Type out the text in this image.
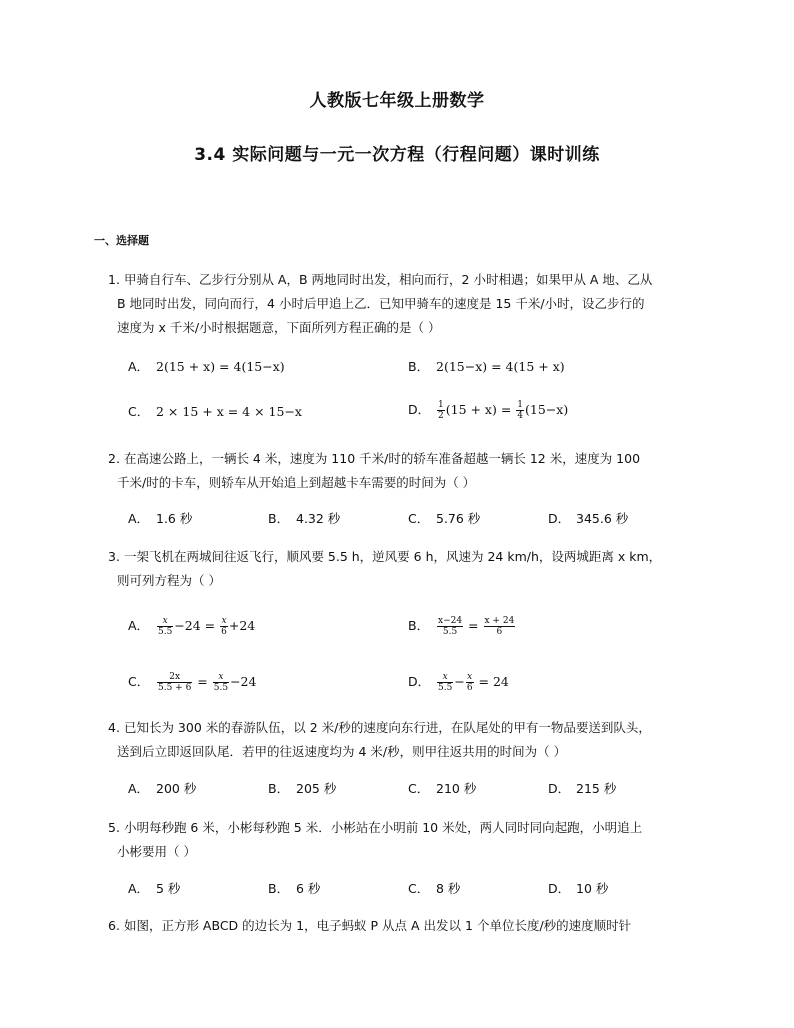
人教版七年级上册数学
3.4 实际问题与一元一次方程（行程问题）课时训练
一、选择题
1. 甲骑自行车、乙步行分别从 A，B 两地同时出发，相向而行，2 小时相遇；如果甲从 A 地、乙从
B 地同时出发，同向而行，4 小时后甲追上乙．已知甲骑车的速度是 15 千米/小时，设乙步行的
速度为 x 千米/小时根据题意，下面所列方程正确的是（ ）
A． 2(15 + x) = 4(15−x)	B． 2(15−x) = 4(15 + x)
C． 2 × 15 + x = 4 × 15−x	D． $\frac{1}{2} (15 + x) = \frac{1}{4} (15-x)$
2. 在高速公路上，一辆长 4 米，速度为 110 千米/时的轿车准备超越一辆长 12 米，速度为 100
千米/时的卡车，则轿车从开始追上到超越卡车需要的时间为（ ）
A． 1.6 秒	B． 4.32 秒	C． 5.76 秒	D． 345.6 秒
3. 一架飞机在两城间往返飞行，顺风要 5.5 h，逆风要 6 h，风速为 24 km/h，设两城距离 x km，
则可列方程为（ ）
A． $\frac{x}{5.5} -24 = \frac{x}{6} +24$	B． $\frac{x-24}{5.5} = \frac{x + 24}{6}$
C． $\frac{2x}{5.5 + 6} = \frac{x}{5.5} -24$	D． $\frac{x}{5.5} - \frac{x}{6} = 24$
4. 已知长为 300 米的春游队伍，以 2 米/秒的速度向东行进，在队尾处的甲有一物品要送到队头，
送到后立即返回队尾．若甲的往返速度均为 4 米/秒，则甲往返共用的时间为（ ）
A． 200 秒	B． 205 秒	C． 210 秒	D． 215 秒
5. 小明每秒跑 6 米，小彬每秒跑 5 米．小彬站在小明前 10 米处，两人同时同向起跑，小明追上
小彬要用（ ）
A． 5 秒	B． 6 秒	C． 8 秒	D． 10 秒
6. 如图，正方形 ABCD 的边长为 1，电子蚂蚁 P 从点 A 出发以 1 个单位长度/秒的速度顺时针
